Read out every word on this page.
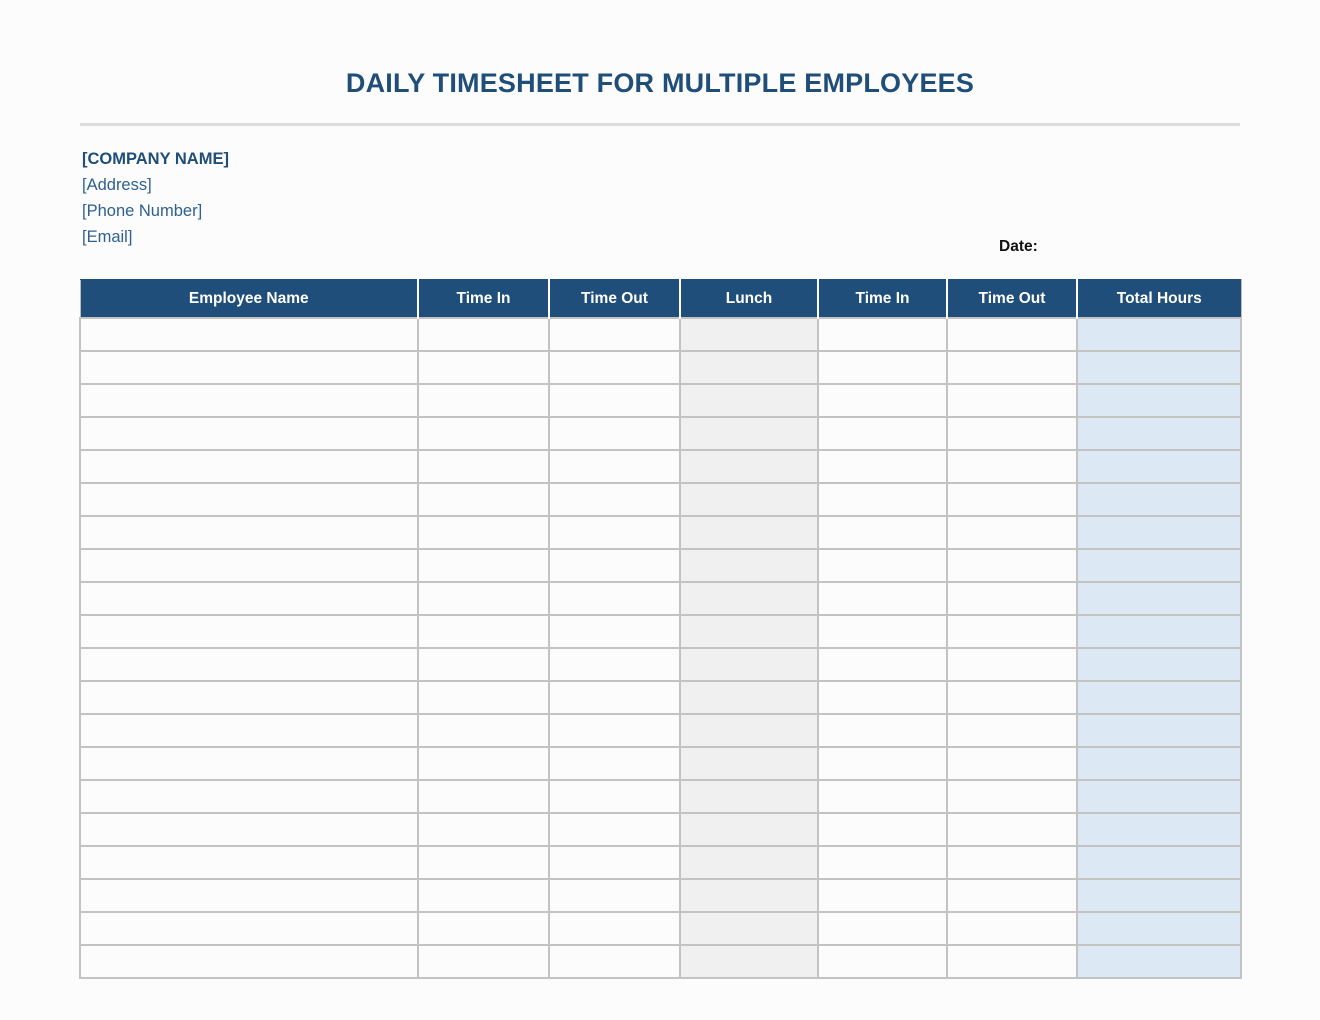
DAILY TIMESHEET FOR MULTIPLE EMPLOYEES
[COMPANY NAME]
[Address]
[Phone Number]
[Email]
Date:
Employee Name	Time In	Time Out	Lunch	Time In	Time Out	Total Hours
